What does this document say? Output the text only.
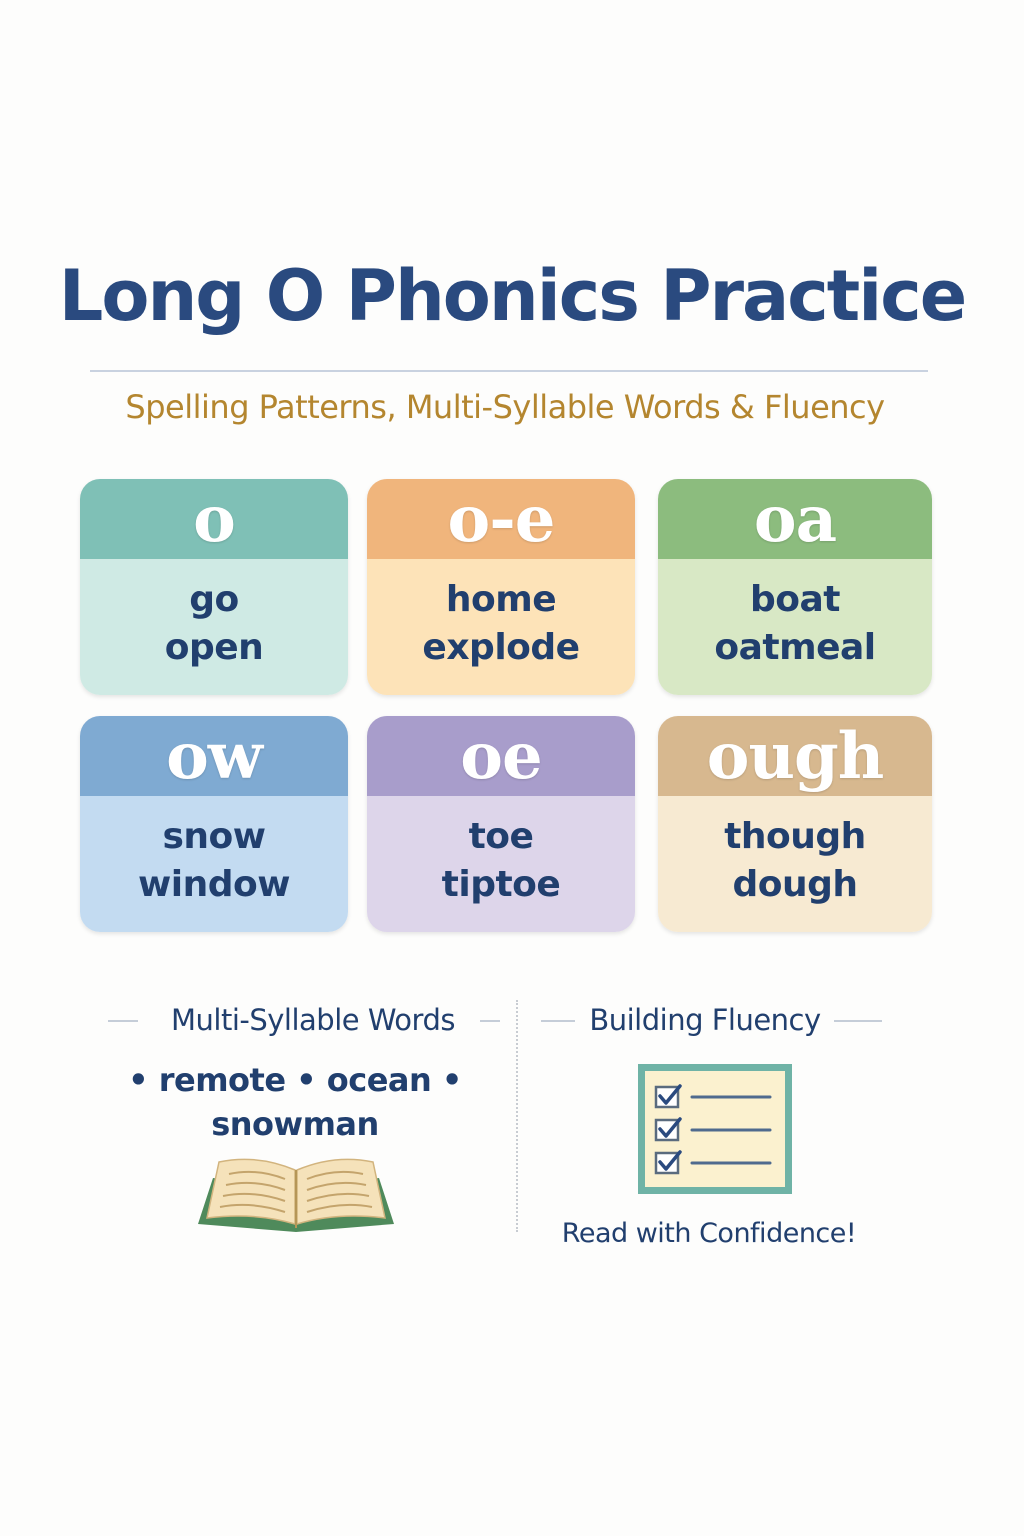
Long O Phonics Practice
Spelling Patterns, Multi-Syllable Words & Fluency
o
go
open
o-e
home
explode
oa
boat
oatmeal
ow
snow
window
oe
toe
tiptoe
ough
though
dough
Multi-Syllable Words
• remote • ocean •
snowman
Building Fluency
Read with Confidence!
